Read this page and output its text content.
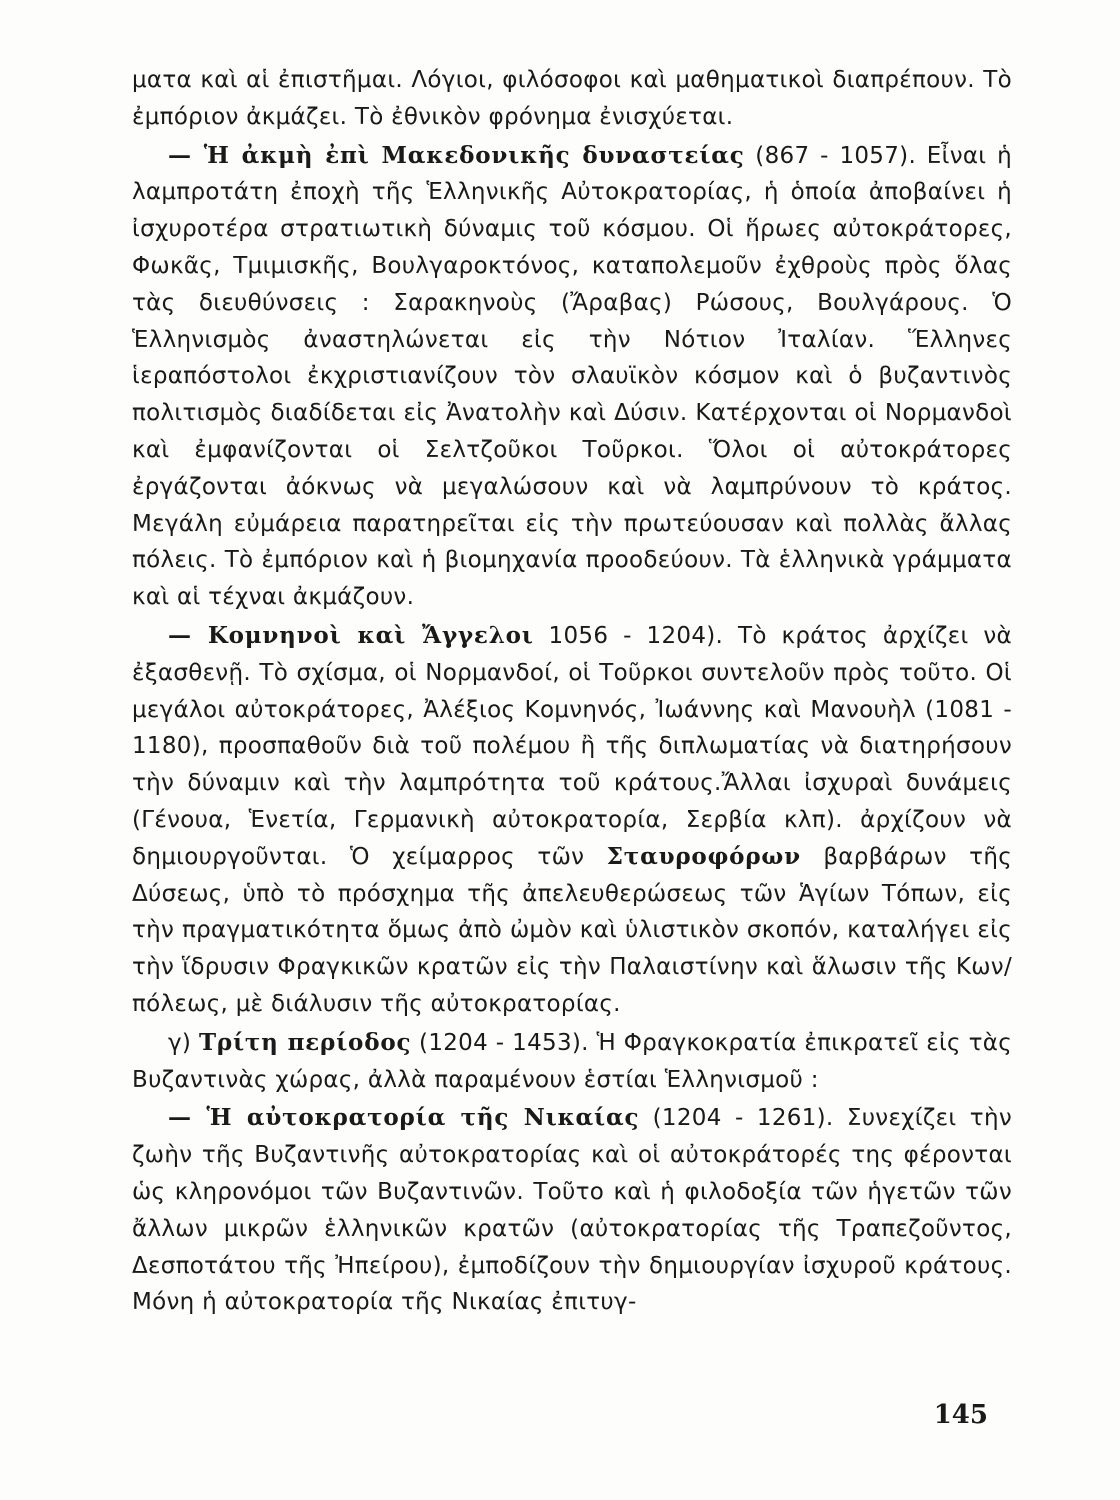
ματα καὶ αἱ ἐπιστῆμαι. Λόγιοι, φιλόσοφοι καὶ μαθηματικοὶ διαπρέπουν. Τὸ ἐμπόριον ἀκμάζει. Τὸ ἐθνικὸν φρόνημα ἐνισχύεται.

— Ἡ ἀκμὴ ἐπὶ Μακεδονικῆς δυναστείας (867 - 1057). Εἶναι ἡ λαμπροτάτη ἐποχὴ τῆς Ἑλληνικῆς Αὐτοκρατορίας, ἡ ὁποία ἀποβαίνει ἡ ἰσχυροτέρα στρατιωτικὴ δύναμις τοῦ κόσμου. Οἱ ἥρωες αὐτοκράτορες, Φωκᾶς, Τμιμισκῆς, Βουλγαροκτόνος, καταπολεμοῦν ἐχθροὺς πρὸς ὅλας τὰς διευθύνσεις : Σαρακηνοὺς (Ἄραβας) Ρώσους, Βουλγάρους. Ὁ Ἑλληνισμὸς ἀναστηλώνεται εἰς τὴν Νότιον Ἰταλίαν. Ἕλληνες ἱεραπόστολοι ἐκχριστιανίζουν τὸν σλαυϊκὸν κόσμον καὶ ὁ βυζαντινὸς πολιτισμὸς διαδίδεται εἰς Ἀνατολὴν καὶ Δύσιν. Κατέρχονται οἱ Νορμανδοὶ καὶ ἐμφανίζονται οἱ Σελτζοῦκοι Τοῦρκοι. Ὅλοι οἱ αὐτοκράτορες ἐργάζονται ἀόκνως νὰ μεγαλώσουν καὶ νὰ λαμπρύνουν τὸ κράτος. Μεγάλη εὐμάρεια παρατηρεῖται εἰς τὴν πρωτεύουσαν καὶ πολλὰς ἄλλας πόλεις. Τὸ ἐμπόριον καὶ ἡ βιομηχανία προοδεύουν. Τὰ ἑλληνικὰ γράμματα καὶ αἱ τέχναι ἀκμάζουν.

— Κομνηνοὶ καὶ Ἄγγελοι 1056 - 1204). Τὸ κράτος ἀρχίζει νὰ ἐξασθενῇ. Τὸ σχίσμα, οἱ Νορμανδοί, οἱ Τοῦρκοι συντελοῦν πρὸς τοῦτο. Οἱ μεγάλοι αὐτοκράτορες, Ἀλέξιος Κομνηνός, Ἰωάννης καὶ Μανουὴλ (1081 - 1180), προσπαθοῦν διὰ τοῦ πολέμου ἢ τῆς διπλωματίας νὰ διατηρήσουν τὴν δύναμιν καὶ τὴν λαμπρότητα τοῦ κράτους.Ἄλλαι ἰσχυραὶ δυνάμεις (Γένουα, Ἑνετία, Γερμανικὴ αὐτοκρατορία, Σερβία κλπ). ἀρχίζουν νὰ δημιουργοῦνται. Ὁ χείμαρρος τῶν Σταυροφόρων βαρβάρων τῆς Δύσεως, ὑπὸ τὸ πρόσχημα τῆς ἀπελευθερώσεως τῶν Ἁγίων Τόπων, εἰς τὴν πραγματικότητα ὅμως ἀπὸ ὠμὸν καὶ ὑλιστικὸν σκοπόν, καταλήγει εἰς τὴν ἵδρυσιν Φραγκικῶν κρατῶν εἰς τὴν Παλαιστίνην καὶ ἅλωσιν τῆς Κων/πόλεως, μὲ διάλυσιν τῆς αὐτοκρατορίας.

γ) Τρίτη περίοδος (1204 - 1453). Ἡ Φραγκοκρατία ἐπικρατεῖ εἰς τὰς Βυζαντινὰς χώρας, ἀλλὰ παραμένουν ἑστίαι Ἑλληνισμοῦ :

— Ἡ αὐτοκρατορία τῆς Νικαίας (1204 - 1261). Συνεχίζει τὴν ζωὴν τῆς Βυζαντινῆς αὐτοκρατορίας καὶ οἱ αὐτοκράτορές της φέρονται ὡς κληρονόμοι τῶν Βυζαντινῶν. Τοῦτο καὶ ἡ φιλοδοξία τῶν ἡγετῶν τῶν ἄλλων μικρῶν ἑλληνικῶν κρατῶν (αὐτοκρατορίας τῆς Τραπεζοῦντος, Δεσποτάτου τῆς Ἠπείρου), ἐμποδίζουν τὴν δημιουργίαν ἰσχυροῦ κράτους. Μόνη ἡ αὐτοκρατορία τῆς Νικαίας ἐπιτυγ-

145
